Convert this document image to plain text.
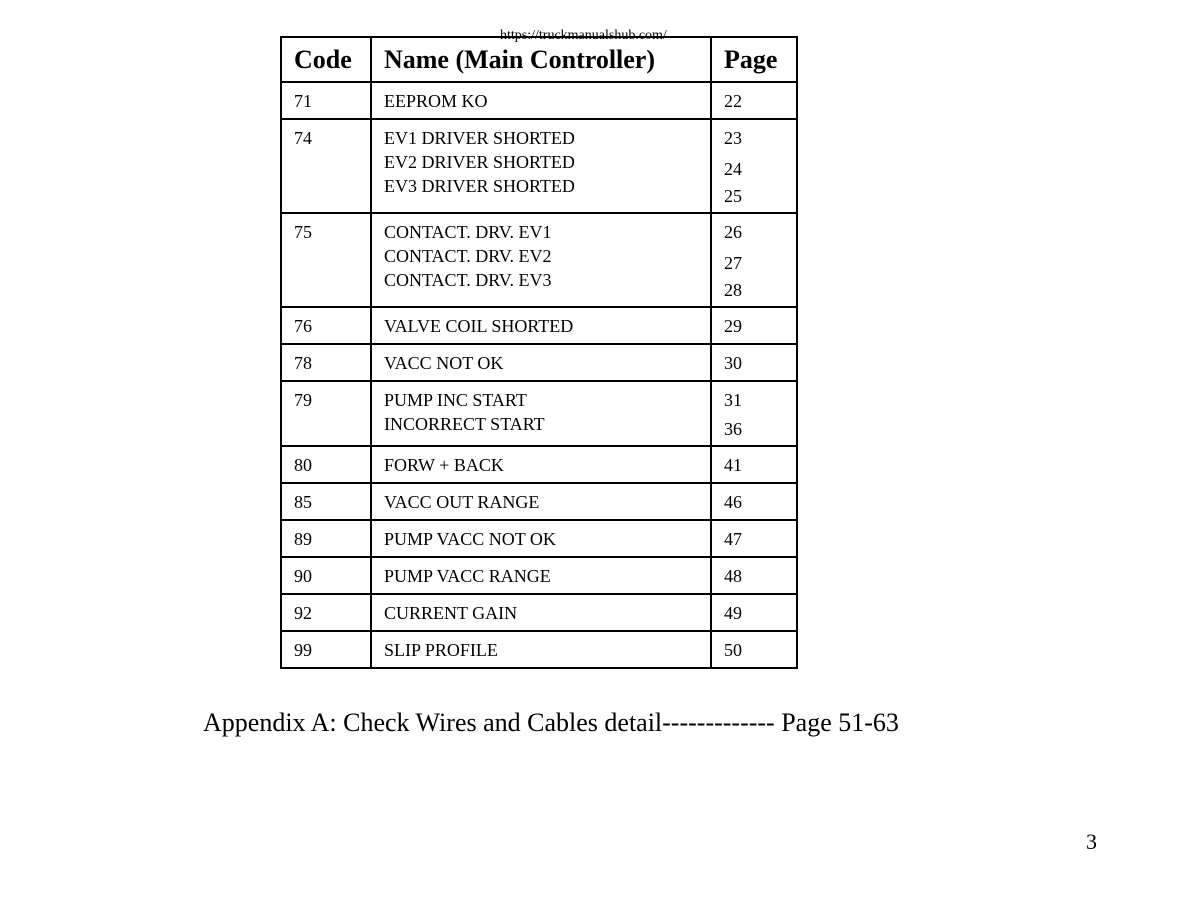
https://truckmanualshub.com/
Code	Name (Main Controller)	Page
71	EEPROM KO	22

74	EV1 DRIVER SHORTED
EV2 DRIVER SHORTED
EV3 DRIVER SHORTED	23
24
25

75	CONTACT. DRV. EV1
CONTACT. DRV. EV2
CONTACT. DRV. EV3	26
27
28

76	VALVE COIL SHORTED	29

78	VACC NOT OK	30

79	PUMP INC START
INCORRECT START	31
36

80	FORW + BACK	41

85	VACC OUT RANGE	46

89	PUMP VACC NOT OK	47

90	PUMP VACC RANGE	48

92	CURRENT GAIN	49

99	SLIP PROFILE	50
Appendix A: Check Wires and Cables detail------------- Page 51-63
3
